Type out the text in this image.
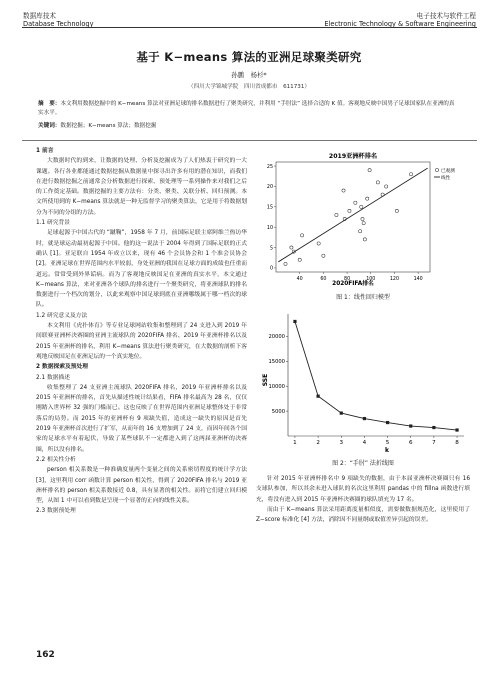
数据库技术
Database Technology
电子技术与软件工程
Electronic Technology & Software Engineering
基于 K−means 算法的亚洲足球聚类研究
孙鹏　杨杉*
（四川大学锦城学院　四川省成都市　611731）
摘　要：本文利用数据挖掘中的 K−means 算法对亚洲足球的排名数据进行了聚类研究，并利用 “手肘法” 选择合适的 K 值。客观地反映中国男子足球国家队在亚洲的真实水平。
关键词：数据挖掘；K−means 算法；数据挖掘
1 前言

大数据时代的到来，让数据的处理、分析及挖掘成为了人们热衷于研究的一大课题。各行各业都能通过数据挖掘从数据量中探寻出许多有用的潜在知识，而我们在进行数据挖掘之前通常会分析数据进行探索、预处理等一系列操作来对我们之后的工作奠定基础。数据挖掘的主要方法有：分类、聚类、关联分析、回归预测。本文所使用到的 K−means 算法就是一种无监督学习的聚类算法，它是用于将数据划分为不同的分组的方法。

1.1 研究背景

足球起源于中国古代的 “蹴鞠”，1958 年 7 月，前国际足联主席阿维兰热访华时，就是球运动最初起源于中国。他的这一说法于 2004 年得到了国际足联的正式确认 [1]。亚足联自 1954 年成立以来，现有 46 个会员协会和 1 个准会员协会 [2]。亚洲足球在世界范围内水平较弱，身处亚洲的我国在足球方面的成绩也任重而道远。常常受到外界诟病。而为了客观地反映国足在亚洲的真实水平，本文通过 K−means 算法，来对亚洲各个球队的排名进行一个聚类研究，将亚洲球队的排名数据进行一个档次的划分，以此来观察中国足球到底在亚洲哪级属于哪一档次的球队。

1.2 研究意义及方法

本文利用《虎扑体育》等专业足球网站收集和整理到了 24 支进入到 2019 年间联赛亚洲杯决赛圈的亚洲主流球队的 2020FIFA 排名、2019 年亚洲杯排名以及 2015 年亚洲杯的排名，利用 K−means 算法进行聚类研究，在大数据的剖析下客观地反映国足在亚洲足坛的一个真实地位。

2 数据探索及预处理
2.1 数据描述

收集整理了 24 支亚洲主流球队 2020FIFA 排名，2019 年亚洲杯排名以及 2015 年亚洲杯的排名，首先从描述性统计结果看，FIFA 排名最高为 28 名，仅仅刚踏入世界杯 32 强的门槛而已。这也反映了在世界范围内亚洲足球整体处于非常落后的局势。而 2015 年的亚洲杯有 9 项缺失值，造成这一缺失的原因是首先 2019 年亚洲杯首次进行了扩军，从而年的 16 支增加到了 24 支，而因年间各个国家的足球水平有着起伏，导致了某些球队不一定都进入到了这两届亚洲杯的决赛圈，所以没有排名。

2.2 相关性分析

person 相关系数是一种准确度量两个变量之间的关系密切程度的统计学方法 [3]，这里利用 corr 函数计算 person 相关性，得到了 2020FIFA 排名与 2019 亚洲杯排名的 person 相关系数接近 0.8，具有显著的相关性。而将它们建立回归模型，从图 1 中可以看到数是呈现一个显著的正向的线性关系。

2.3 数据预处理
40	60	80	100	120	140
0
5
10
15
20
25
2019亚洲杯排名
2020FIFA排名
已观测
线性
图 1：线性回归模型
5000
10000
15000
20000
1	2	3	4	5	6	7	8
SSE
k
图 2：“手肘” 法折线图

针对 2015 年亚洲杯排名中 9 项缺失的数据，由于本届亚洲杯决赛圈只有 16 支球队参加，所以其余未进入球队的名次这里利用 pandas 中的 fillna 函数进行填充，将没有进入到 2015 年亚洲杯决赛圈的球队填充为 17 名。

而由于 K−means 算法采用距离度量相似度，需要做数据规范化，这里使用了 Z−score 标准化 [4] 方法，消除因不同量纲或取值差异引起的误差。

162
